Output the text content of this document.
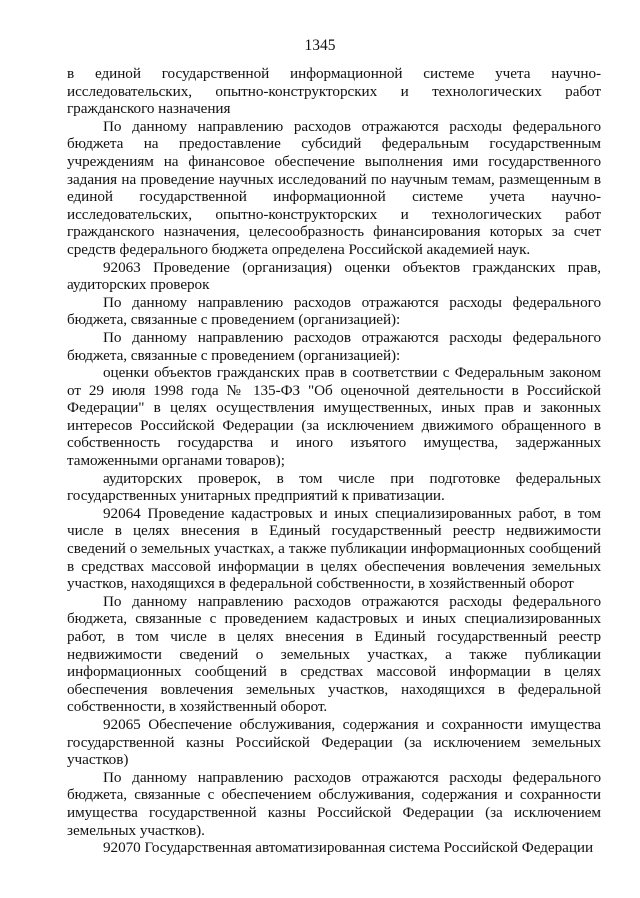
1345

в единой государственной информационной системе учета научно-исследовательских, опытно-конструкторских и технологических работ гражданского назначения

По данному направлению расходов отражаются расходы федерального бюджета на предоставление субсидий федеральным государственным учреждениям на финансовое обеспечение выполнения ими государственного задания на проведение научных исследований по научным темам, размещенным в единой государственной информационной системе учета научно-исследовательских, опытно-конструкторских и технологических работ гражданского назначения, целесообразность финансирования которых за счет средств федерального бюджета определена Российской академией наук.

92063 Проведение (организация) оценки объектов гражданских прав, аудиторских проверок

По данному направлению расходов отражаются расходы федерального бюджета, связанные с проведением (организацией):

По данному направлению расходов отражаются расходы федерального бюджета, связанные с проведением (организацией):

оценки объектов гражданских прав в соответствии с Федеральным законом от 29 июля 1998 года № 135-ФЗ "Об оценочной деятельности в Российской Федерации" в целях осуществления имущественных, иных прав и законных интересов Российской Федерации (за исключением движимого обращенного в собственность государства и иного изъятого имущества, задержанных таможенными органами товаров);

аудиторских проверок, в том числе при подготовке федеральных государственных унитарных предприятий к приватизации.

92064 Проведение кадастровых и иных специализированных работ, в том числе в целях внесения в Единый государственный реестр недвижимости сведений о земельных участках, а также публикации информационных сообщений в средствах массовой информации в целях обеспечения вовлечения земельных участков, находящихся в федеральной собственности, в хозяйственный оборот

По данному направлению расходов отражаются расходы федерального бюджета, связанные с проведением кадастровых и иных специализированных работ, в том числе в целях внесения в Единый государственный реестр недвижимости сведений о земельных участках, а также публикации информационных сообщений в средствах массовой информации в целях обеспечения вовлечения земельных участков, находящихся в федеральной собственности, в хозяйственный оборот.

92065 Обеспечение обслуживания, содержания и сохранности имущества государственной казны Российской Федерации (за исключением земельных участков)

По данному направлению расходов отражаются расходы федерального бюджета, связанные с обеспечением обслуживания, содержания и сохранности имущества государственной казны Российской Федерации (за исключением земельных участков).

92070 Государственная автоматизированная система Российской Федерации
